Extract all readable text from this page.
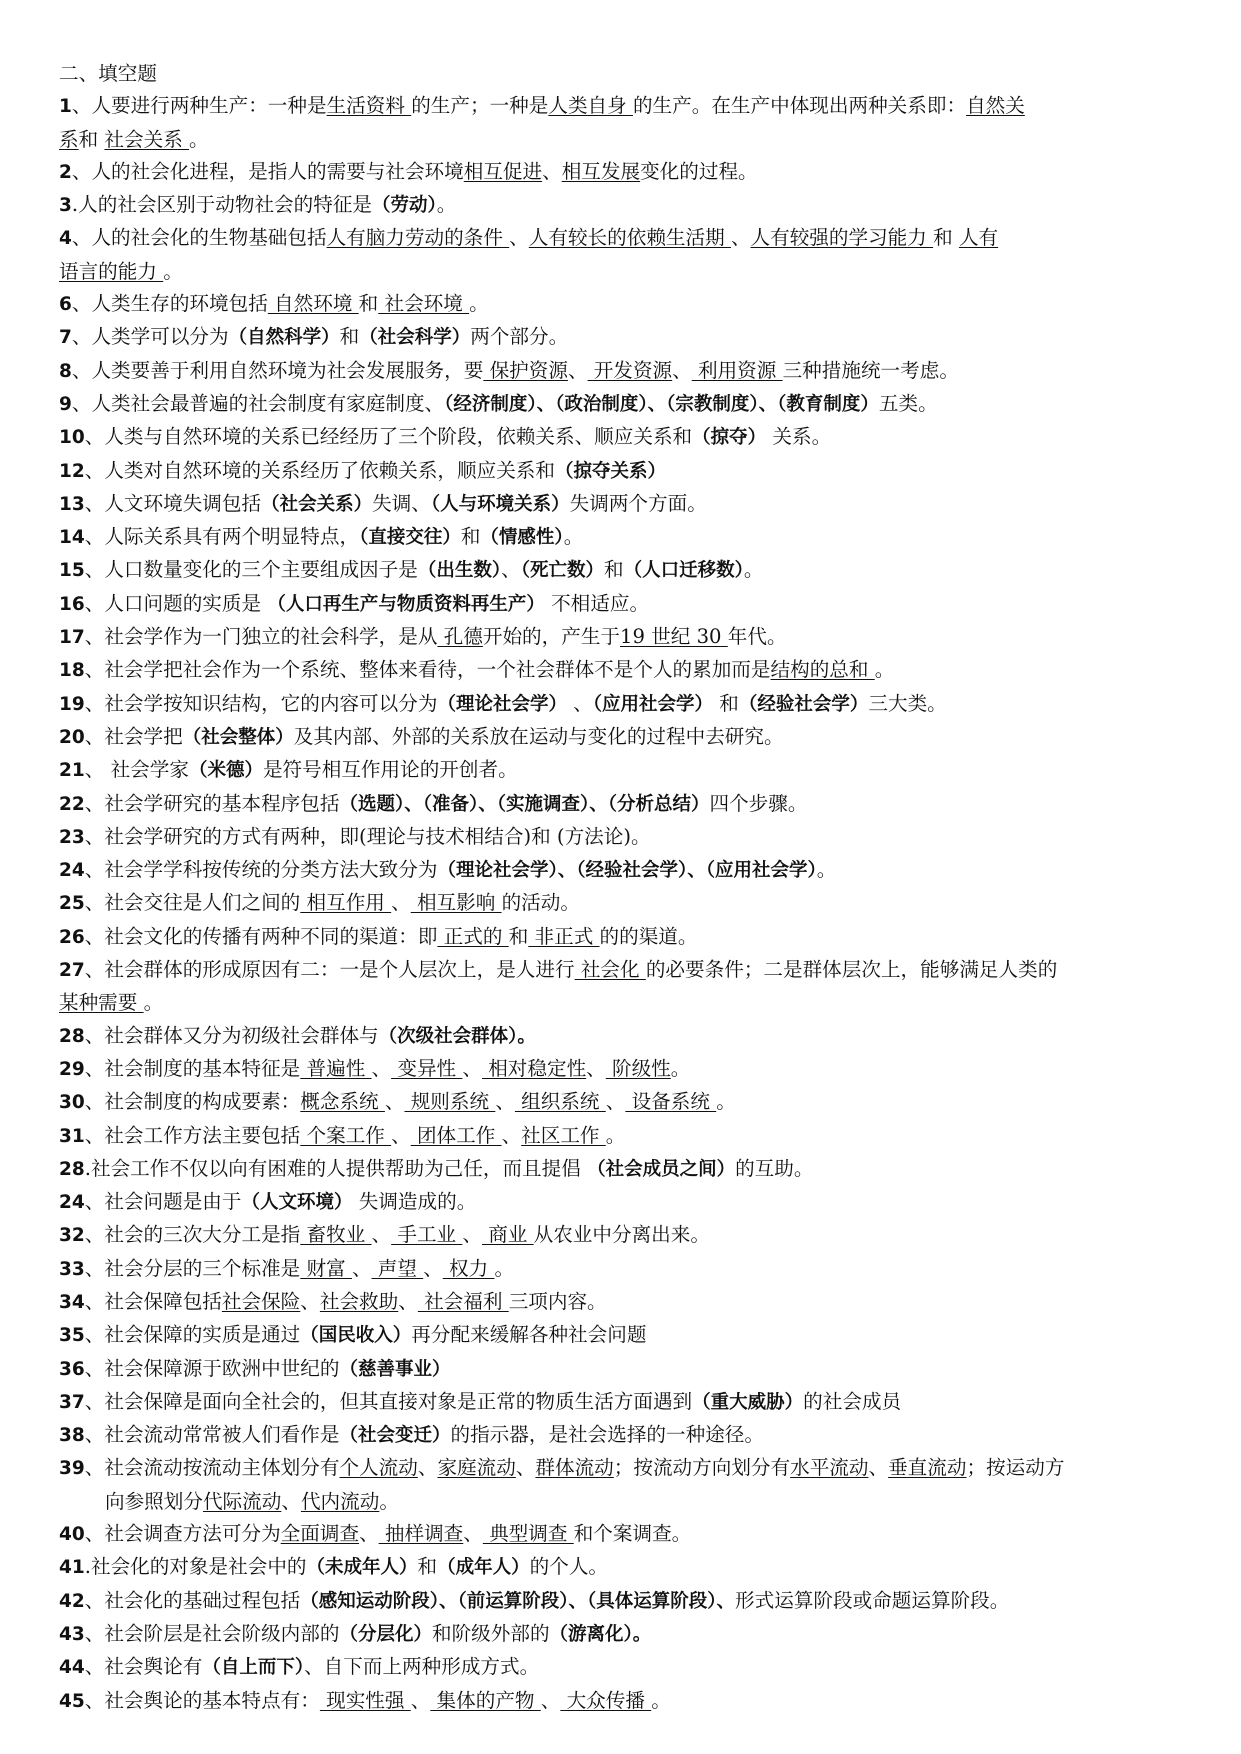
二、填空题
1、人要进行两种生产：一种是生活资料 的生产；一种是人类自身 的生产。在生产中体现出两种关系即：自然关
系和 社会关系 。
2、人的社会化进程，是指人的需要与社会环境相互促进、相互发展变化的过程。
3.人的社会区别于动物社会的特征是（劳动）。
4、人的社会化的生物基础包括人有脑力劳动的条件 、人有较长的依赖生活期 、人有较强的学习能力 和 人有
语言的能力 。
6、人类生存的环境包括 自然环境 和 社会环境 。
7、人类学可以分为（自然科学）和（社会科学）两个部分。
8、人类要善于利用自然环境为社会发展服务，要 保护资源、 开发资源、 利用资源 三种措施统一考虑。
9、人类社会最普遍的社会制度有家庭制度、（经济制度）、（政治制度）、（宗教制度）、（教育制度）五类。
10、人类与自然环境的关系已经经历了三个阶段，依赖关系、顺应关系和（掠夺） 关系。
12、人类对自然环境的关系经历了依赖关系，顺应关系和（掠夺关系）
13、人文环境失调包括（社会关系）失调、（人与环境关系）失调两个方面。
14、人际关系具有两个明显特点，（直接交往）和（情感性）。
15、人口数量变化的三个主要组成因子是（出生数）、（死亡数）和（人口迁移数）。
16、人口问题的实质是 （人口再生产与物质资料再生产） 不相适应。
17、社会学作为一门独立的社会科学，是从 孔德开始的，产生于19 世纪 30 年代。
18、社会学把社会作为一个系统、整体来看待，一个社会群体不是个人的累加而是结构的总和 。
19、社会学按知识结构，它的内容可以分为（理论社会学） 、（应用社会学） 和（经验社会学）三大类。
20、社会学把（社会整体）及其内部、外部的关系放在运动与变化的过程中去研究。
21、 社会学家（米德）是符号相互作用论的开创者。
22、社会学研究的基本程序包括（选题）、（准备）、（实施调查）、（分析总结）四个步骤。
23、社会学研究的方式有两种，即(理论与技术相结合)和 (方法论)。
24、社会学学科按传统的分类方法大致分为（理论社会学）、（经验社会学）、（应用社会学）。
25、社会交往是人们之间的 相互作用 、 相互影响 的活动。
26、社会文化的传播有两种不同的渠道：即 正式的 和 非正式 的的渠道。
27、社会群体的形成原因有二：一是个人层次上，是人进行 社会化 的必要条件；二是群体层次上，能够满足人类的
某种需要 。
28、社会群体又分为初级社会群体与（次级社会群体）。
29、社会制度的基本特征是 普遍性 、 变异性 、 相对稳定性、 阶级性。
30、社会制度的构成要素：概念系统 、 规则系统 、 组织系统 、 设备系统 。
31、社会工作方法主要包括 个案工作 、 团体工作 、社区工作 。
28.社会工作不仅以向有困难的人提供帮助为己任，而且提倡 （社会成员之间）的互助。
24、社会问题是由于（人文环境） 失调造成的。
32、社会的三次大分工是指 畜牧业 、 手工业 、 商业 从农业中分离出来。
33、社会分层的三个标准是 财富 、 声望 、 权力 。
34、社会保障包括社会保险、社会救助、 社会福利 三项内容。
35、社会保障的实质是通过（国民收入）再分配来缓解各种社会问题
36、社会保障源于欧洲中世纪的（慈善事业）
37、社会保障是面向全社会的，但其直接对象是正常的物质生活方面遇到（重大威胁）的社会成员
38、社会流动常常被人们看作是（社会变迁）的指示器，是社会选择的一种途径。
39、社会流动按流动主体划分有个人流动、家庭流动、群体流动；按流动方向划分有水平流动、垂直流动；按运动方
向参照划分代际流动、代内流动。
40、社会调查方法可分为全面调查、 抽样调查、 典型调查 和个案调查。
41.社会化的对象是社会中的（未成年人）和（成年人）的个人。
42、社会化的基础过程包括（感知运动阶段）、（前运算阶段）、（具体运算阶段）、形式运算阶段或命题运算阶段。
43、社会阶层是社会阶级内部的（分层化）和阶级外部的（游离化）。
44、社会舆论有（自上而下）、自下而上两种形成方式。
45、社会舆论的基本特点有： 现实性强 、 集体的产物 、 大众传播 。
